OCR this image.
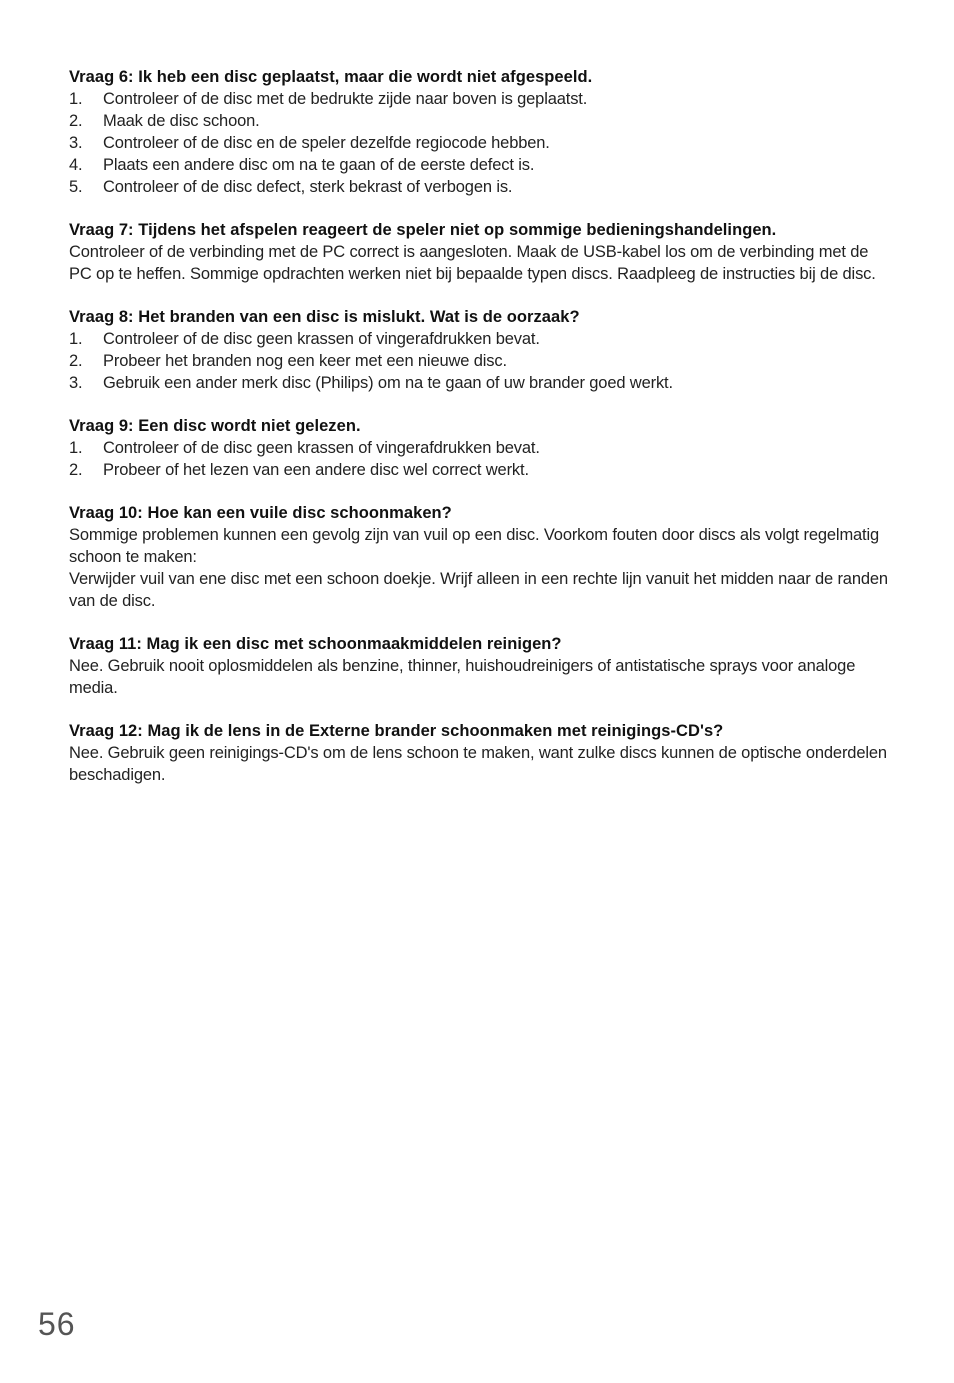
Vraag 6: Ik heb een disc geplaatst, maar die wordt niet afgespeeld.

1.	Controleer of de disc met de bedrukte zijde naar boven is geplaatst.
2.	Maak de disc schoon.
3.	Controleer of de disc en de speler dezelfde regiocode hebben.
4.	Plaats een andere disc om na te gaan of de eerste defect is.
5.	Controleer of de disc defect, sterk bekrast of verbogen is.

Vraag 7: Tijdens het afspelen reageert de speler niet op sommige bedieningshandelingen.

Controleer of de verbinding met de PC correct is aangesloten. Maak de USB-kabel los om de verbinding met de PC op te heffen. Sommige opdrachten werken niet bij bepaalde typen discs. Raadpleeg de instructies bij de disc.

Vraag 8: Het branden van een disc is mislukt. Wat is de oorzaak?

1.	Controleer of de disc geen krassen of vingerafdrukken bevat.
2.	Probeer het branden nog een keer met een nieuwe disc.
3.	Gebruik een ander merk disc (Philips) om na te gaan of uw brander goed werkt.

Vraag 9: Een disc wordt niet gelezen.

1.	Controleer of de disc geen krassen of vingerafdrukken bevat.
2.	Probeer of het lezen van een andere disc wel correct werkt.

Vraag 10: Hoe kan een vuile disc schoonmaken?

Sommige problemen kunnen een gevolg zijn van vuil op een disc. Voorkom fouten door discs als volgt regelmatig schoon te maken:

Verwijder vuil van ene disc met een schoon doekje. Wrijf alleen in een rechte lijn vanuit het midden naar de randen van de disc.

Vraag 11: Mag ik een disc met schoonmaakmiddelen reinigen?

Nee. Gebruik nooit oplosmiddelen als benzine, thinner, huishoudreinigers of antistatische sprays voor analoge media.

Vraag 12: Mag ik de lens in de Externe brander schoonmaken met reinigings-CD's?

Nee. Gebruik geen reinigings-CD's om de lens schoon te maken, want zulke discs kunnen de optische onderdelen beschadigen.

56
